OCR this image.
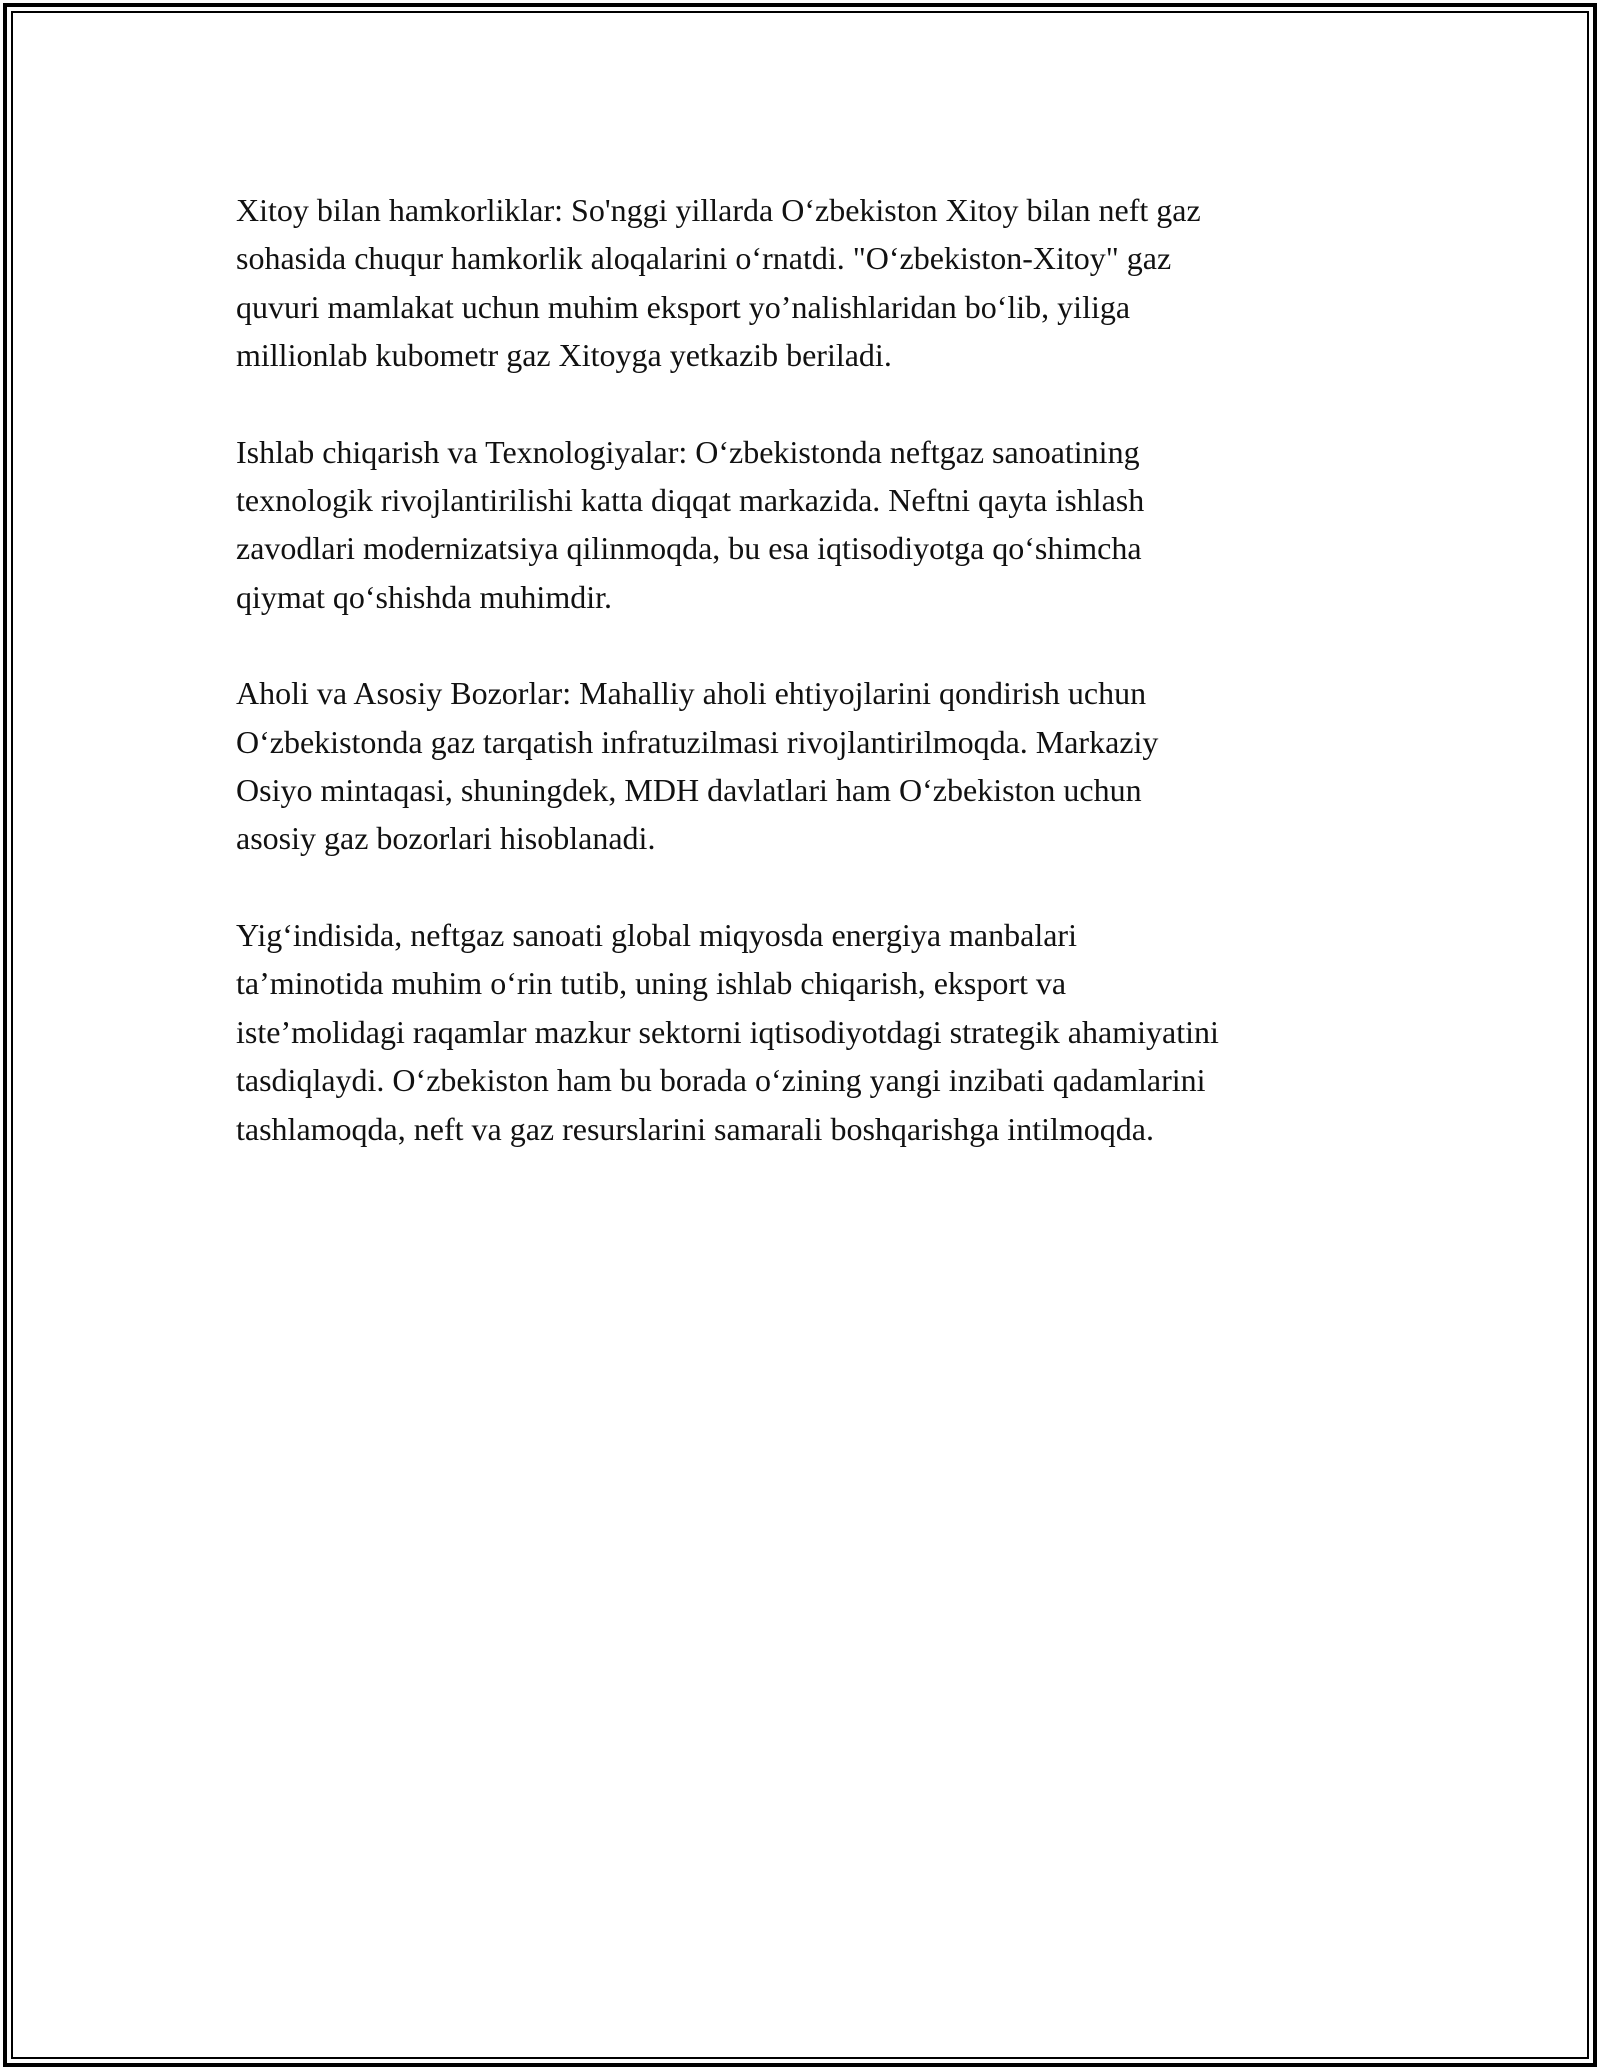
Xitoy bilan hamkorliklar: So'nggi yillarda O‘zbekiston Xitoy bilan neft gaz
sohasida chuqur hamkorlik aloqalarini o‘rnatdi. "O‘zbekiston-Xitoy" gaz
quvuri mamlakat uchun muhim eksport yo’nalishlaridan bo‘lib, yiliga
millionlab kubometr gaz Xitoyga yetkazib beriladi.

Ishlab chiqarish va Texnologiyalar: O‘zbekistonda neftgaz sanoatining
texnologik rivojlantirilishi katta diqqat markazida. Neftni qayta ishlash
zavodlari modernizatsiya qilinmoqda, bu esa iqtisodiyotga qo‘shimcha
qiymat qo‘shishda muhimdir.

Aholi va Asosiy Bozorlar: Mahalliy aholi ehtiyojlarini qondirish uchun
O‘zbekistonda gaz tarqatish infratuzilmasi rivojlantirilmoqda. Markaziy
Osiyo mintaqasi, shuningdek, MDH davlatlari ham O‘zbekiston uchun
asosiy gaz bozorlari hisoblanadi.

Yig‘indisida, neftgaz sanoati global miqyosda energiya manbalari
ta’minotida muhim o‘rin tutib, uning ishlab chiqarish, eksport va
iste’molidagi raqamlar mazkur sektorni iqtisodiyotdagi strategik ahamiyatini
tasdiqlaydi. O‘zbekiston ham bu borada o‘zining yangi inzibati qadamlarini
tashlamoqda, neft va gaz resurslarini samarali boshqarishga intilmoqda.
